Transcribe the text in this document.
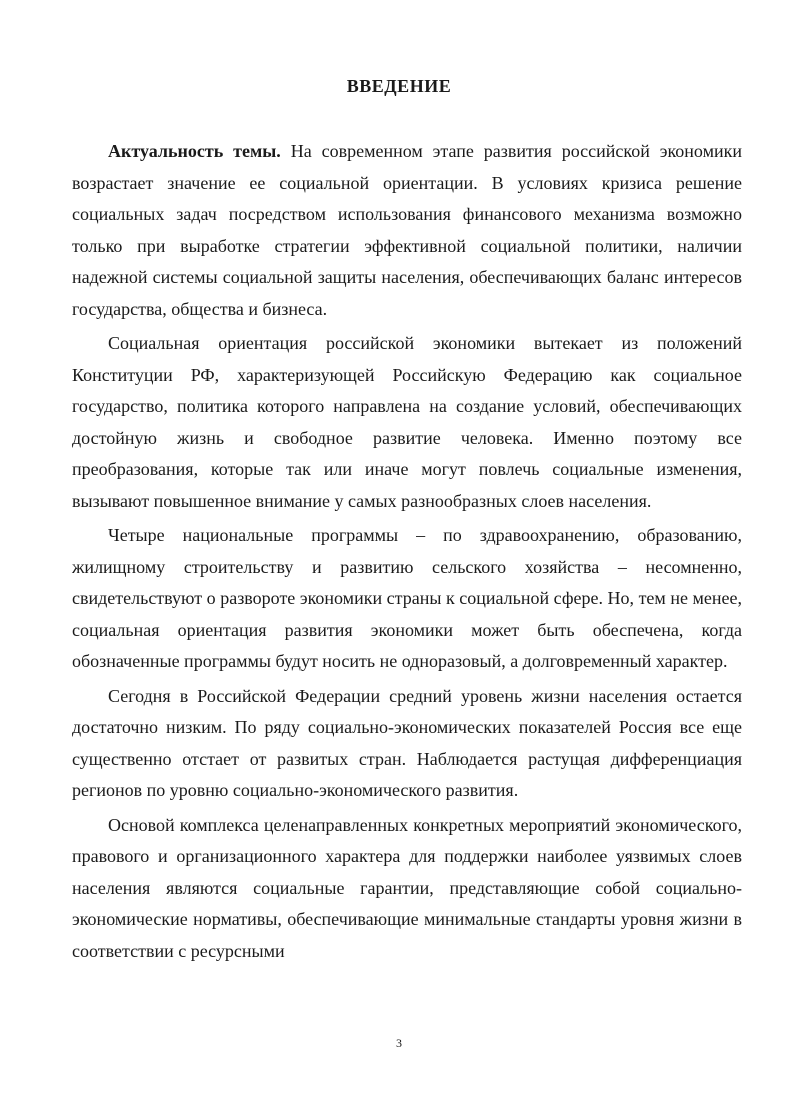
ВВЕДЕНИЕ

Актуальность темы. На современном этапе развития российской экономики возрастает значение ее социальной ориентации. В условиях кризиса решение социальных задач посредством использования финансового механизма возможно только при выработке стратегии эффективной социальной политики, наличии надежной системы социальной защиты населения, обеспечивающих баланс интересов государства, общества и бизнеса.

Социальная ориентация российской экономики вытекает из положений Конституции РФ, характеризующей Российскую Федерацию как социальное государство, политика которого направлена на создание условий, обеспечивающих достойную жизнь и свободное развитие человека. Именно поэтому все преобразования, которые так или иначе могут повлечь социальные изменения, вызывают повышенное внимание у самых разнообразных слоев населения.

Четыре национальные программы – по здравоохранению, образованию, жилищному строительству и развитию сельского хозяйства – несомненно, свидетельствуют о развороте экономики страны к социальной сфере. Но, тем не менее, социальная ориентация развития экономики может быть обеспечена, когда обозначенные программы будут носить не одноразовый, а долговременный характер.

Сегодня в Российской Федерации средний уровень жизни населения остается достаточно низким. По ряду социально-экономических показателей Россия все еще существенно отстает от развитых стран. Наблюдается растущая дифференциация регионов по уровню социально-экономического развития.

Основой комплекса целенаправленных конкретных мероприятий экономического, правового и организационного характера для поддержки наиболее уязвимых слоев населения являются социальные гарантии, представляющие собой социально-экономические нормативы, обеспечивающие минимальные стандарты уровня жизни в соответствии с ресурсными

3
